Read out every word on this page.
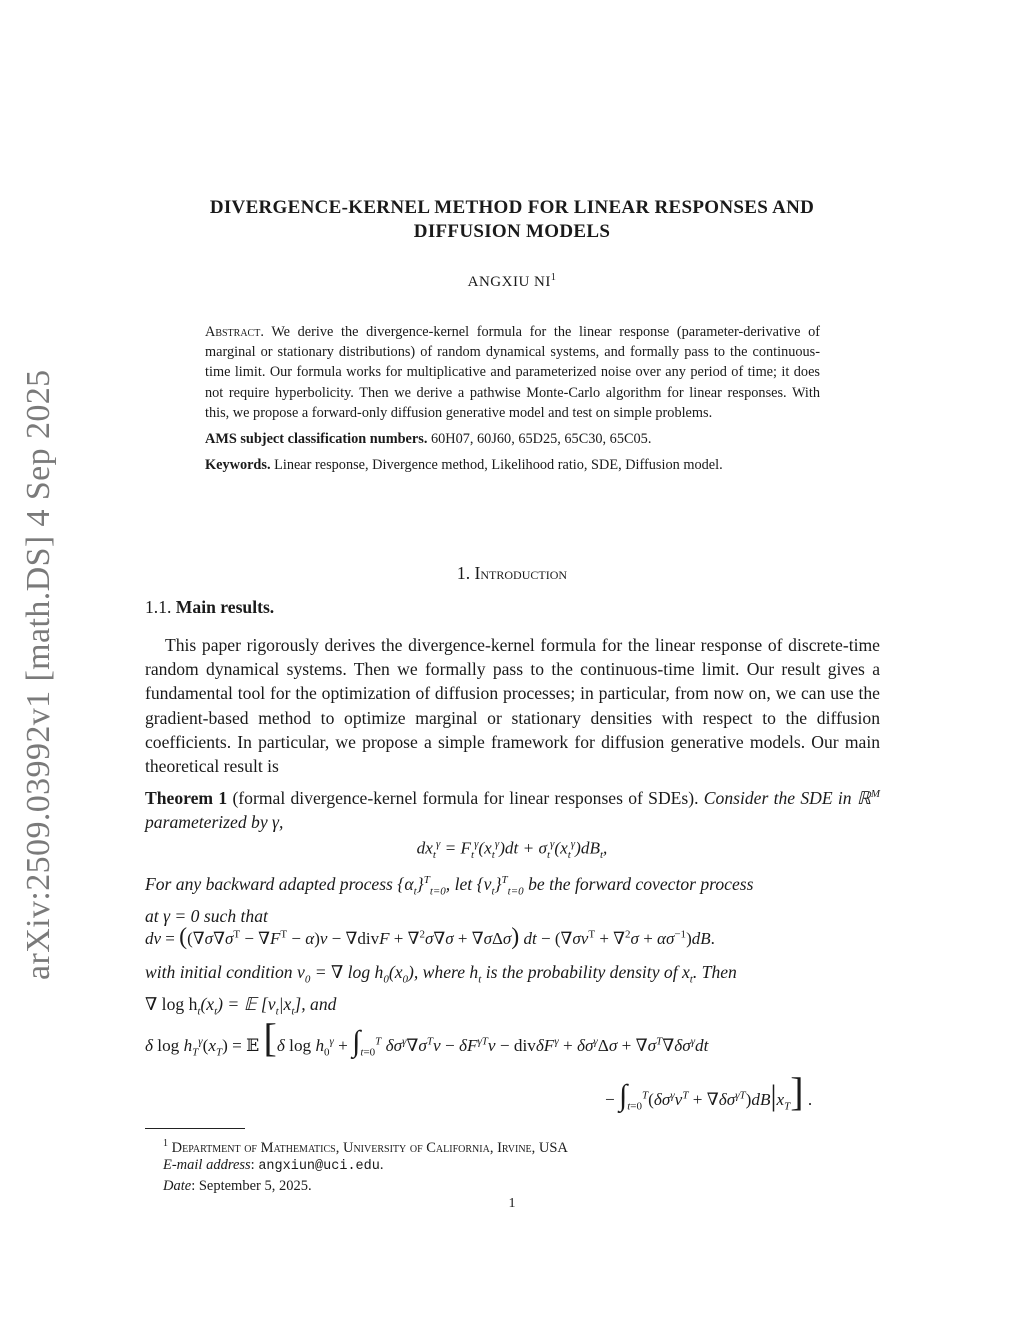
arXiv:2509.03992v1 [math.DS] 4 Sep 2025
DIVERGENCE-KERNEL METHOD FOR LINEAR RESPONSES AND
DIFFUSION MODELS
ANGXIU $NI^1$

Abstract. We derive the divergence-kernel formula for the linear response (parameter-derivative of marginal or stationary distributions) of random dynamical systems, and formally pass to the continuous-time limit. Our formula works for multiplicative and parameterized noise over any period of time; it does not require hyperbolicity. Then we derive a pathwise Monte-Carlo algorithm for linear responses. With this, we propose a forward-only diffusion generative model and test on simple problems.

AMS subject classification numbers. 60H07, 60J60, 65D25, 65C30, 65C05.

Keywords. Linear response, Divergence method, Likelihood ratio, SDE, Diffusion model.

1. Introduction
1.1. Main results.

This paper rigorously derives the divergence-kernel formula for the linear response of discrete-time random dynamical systems. Then we formally pass to the continuous-time limit. Our result gives a fundamental tool for the optimization of diffusion processes; in particular, from now on, we can use the gradient-based method to optimize marginal or stationary densities with respect to the diffusion coefficients. In particular, we propose a simple framework for diffusion generative models. Our main theoretical result is

Theorem 1 (formal divergence-kernel formula for linear responses of SDEs). Consider the SDE in ℝ$^M$ parameterized by γ,

$dx_t^\gamma = F_t^\gamma(x_t^\gamma)dt + \sigma_t^\gamma(x_t^\gamma)dB_t$,

For any backward adapted process $\{\alpha_t\}^T_{t=0}$, let $\{\nu_t\}^T_{t=0}$ be the forward covector process

at γ = 0 such that

$d\nu = ((\nabla\sigma\nabla\sigma^T - \nabla F^T - \alpha)\nu$ − ∇divF + ∇$^2$σ∇σ + ∇σΔσ) dt − $(\nabla\sigma\nu^T + \nabla^2\sigma + \alpha\sigma^{-1})dB$.

with initial condition $\nu_0$ = ∇ $\log h_0(x_0)$, where $h_t$ is the probability density of $x_t$. Then

∇ $\log h_t(x_t)$ = 𝔼 $[\nu_t|x_t]$, and

δ $\log h_T^\gamma(x_T)$ = 𝔼 [δ $\log h_0^\gamma + \int_{t=0}^T$ $\delta\sigma^\gamma\nabla\sigma^T\nu - \delta F^{\gamma T}\nu - div\delta F^\gamma + \delta\sigma^\gamma\Delta\sigma + \nabla\sigma^T\nabla\delta\sigma^\gamma dt$
− $\int_{t=0}^T(\delta\sigma^\gamma\nu^T + \nabla\delta\sigma^{\gamma T})dB|x_T$] .
$^1$ Department of Mathematics, University of California, Irvine, USA
E-mail address: angxiun@uci.edu.
Date: September 5, 2025.
1
